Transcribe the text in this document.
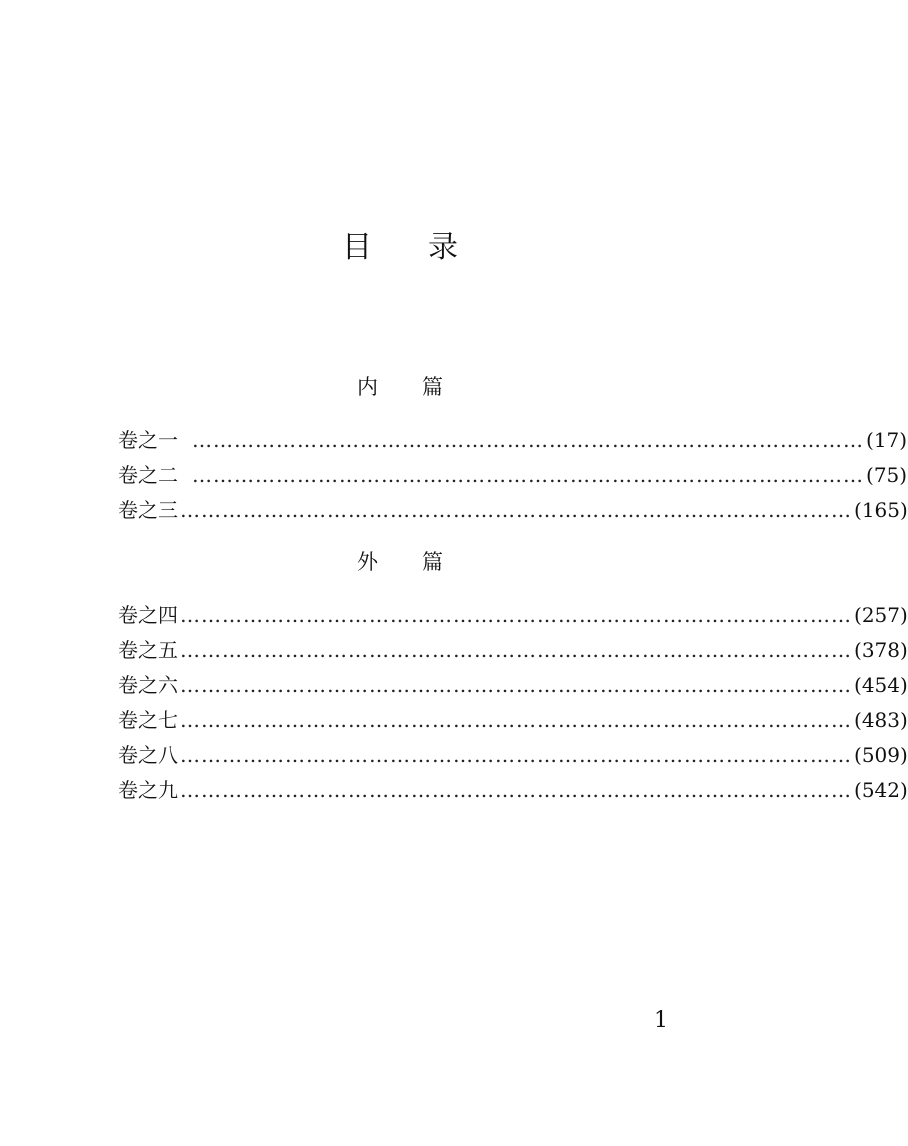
目 录
内 篇
卷之一 …………………………………………………………………………………… (17)
卷之二 …………………………………………………………………………………… (75)
卷之三 …………………………………………………………………………………… (165)
外 篇
卷之四 …………………………………………………………………………………… (257)
卷之五 …………………………………………………………………………………… (378)
卷之六 …………………………………………………………………………………… (454)
卷之七 …………………………………………………………………………………… (483)
卷之八 …………………………………………………………………………………… (509)
卷之九 …………………………………………………………………………………… (542)
1
